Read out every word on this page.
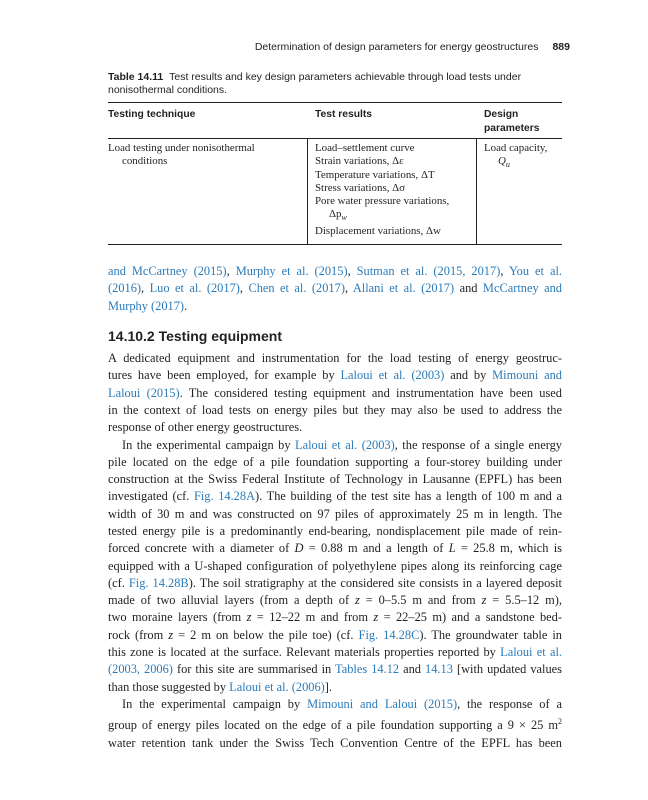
Determination of design parameters for energy geostructures 889
Table 14.11 Test results and key design parameters achievable through load tests under
nonisothermal conditions.
Testing technique	Test results	Design
parameters
Load testing under nonisothermal
conditions
Load–settlement curve
Strain variations, Δε
Temperature variations, ΔT
Stress variations, Δσ
Pore water pressure variations,
$\Delta p_w$
Displacement variations, Δw
Load capacity,
$Q_u$
and McCartney (2015), Murphy et al. (2015), Sutman et al. (2015, 2017), You et al.
(2016), Luo et al. (2017), Chen et al. (2017), Allani et al. (2017) and McCartney and
Murphy (2017).
14.10.2 Testing equipment
A dedicated equipment and instrumentation for the load testing of energy geostruc-
tures have been employed, for example by Laloui et al. (2003) and by Mimouni and
Laloui (2015). The considered testing equipment and instrumentation have been used
in the context of load tests on energy piles but they may also be used to address the
response of other energy geostructures.
In the experimental campaign by Laloui et al. (2003), the response of a single energy
pile located on the edge of a pile foundation supporting a four-storey building under
construction at the Swiss Federal Institute of Technology in Lausanne (EPFL) has been
investigated (cf. Fig. 14.28A). The building of the test site has a length of 100 m and a
width of 30 m and was constructed on 97 piles of approximately 25 m in length. The
tested energy pile is a predominantly end-bearing, nondisplacement pile made of rein-
forced concrete with a diameter of D = 0.88 m and a length of L = 25.8 m, which is
equipped with a U-shaped configuration of polyethylene pipes along its reinforcing cage
(cf. Fig. 14.28B). The soil stratigraphy at the considered site consists in a layered deposit
made of two alluvial layers (from a depth of z = 0–5.5 m and from z = 5.5–12 m),
two moraine layers (from z = 12–22 m and from z = 22–25 m) and a sandstone bed-
rock (from z = 2 m on below the pile toe) (cf. Fig. 14.28C). The groundwater table in
this zone is located at the surface. Relevant materials properties reported by Laloui et al.
(2003, 2006) for this site are summarised in Tables 14.12 and 14.13 [with updated values
than those suggested by Laloui et al. (2006)].
In the experimental campaign by Mimouni and Laloui (2015), the response of a
group of energy piles located on the edge of a pile foundation supporting a 9 × 25 $m^2$
water retention tank under the Swiss Tech Convention Centre of the EPFL has been
